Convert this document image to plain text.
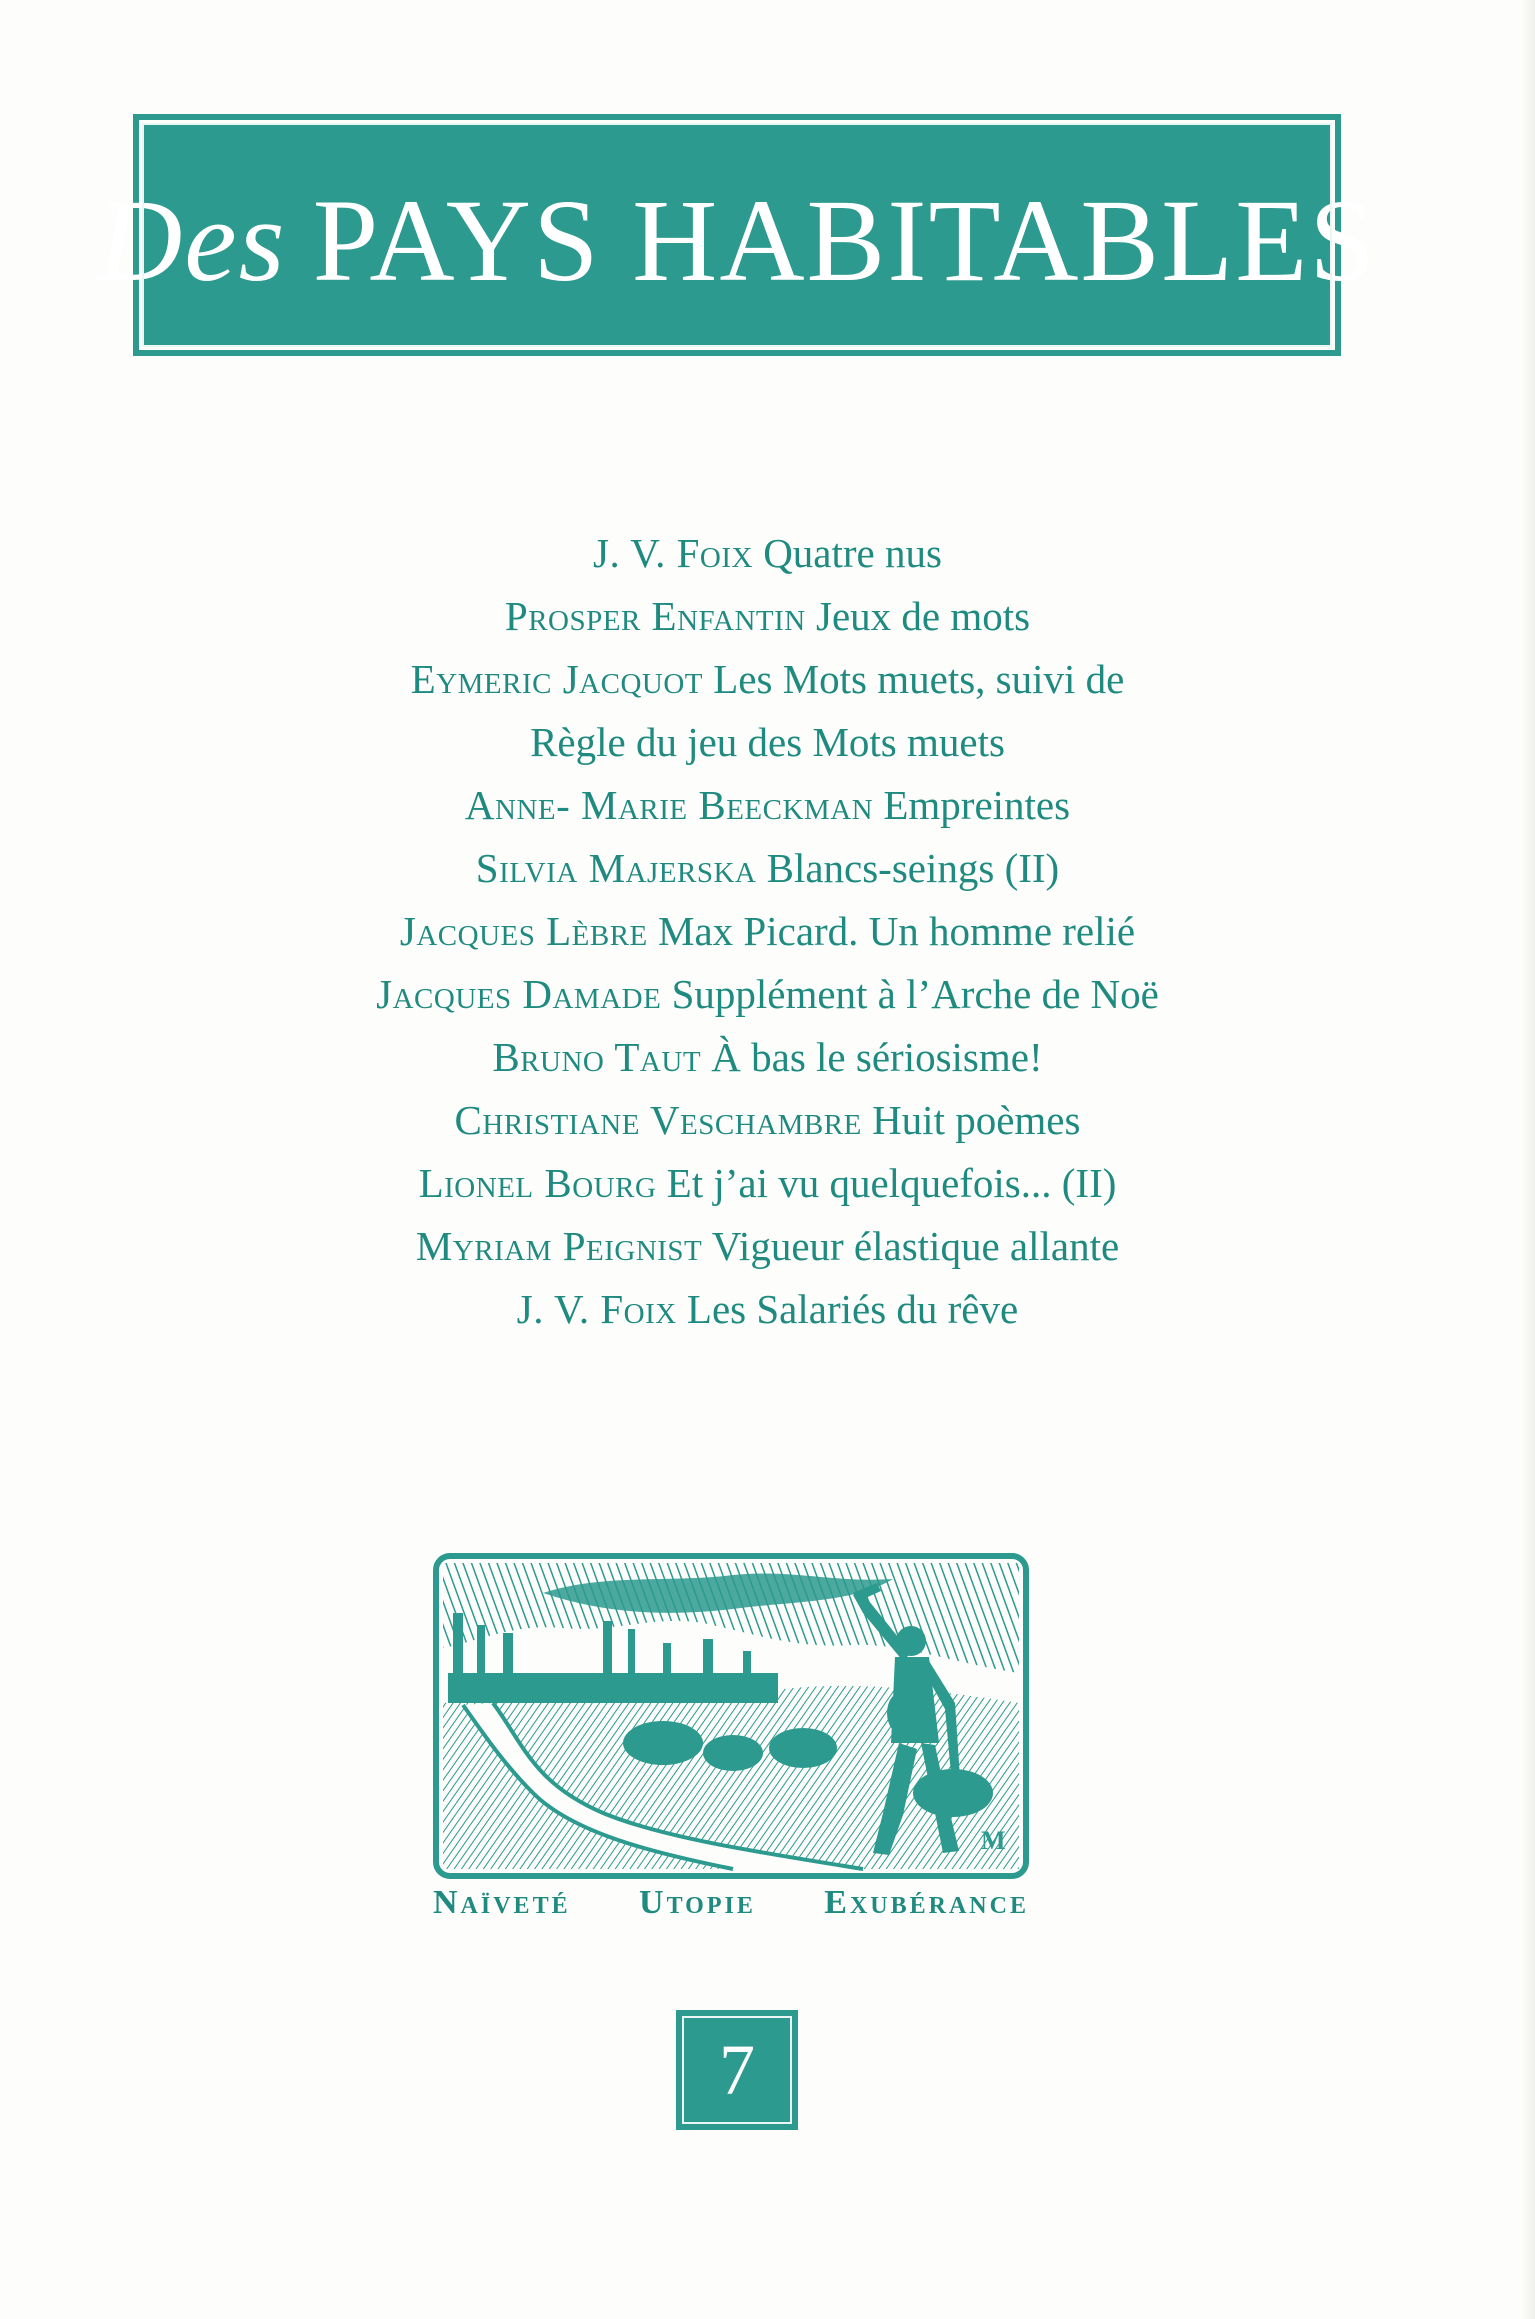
Des PAYS HABITABLES
J. V. Foix Quatre nus
Prosper Enfantin Jeux de mots
Eymeric Jacquot Les Mots muets, suivi de
Règle du jeu des Mots muets
Anne- Marie Beeckman Empreintes
Silvia Majerska Blancs-seings (II)
Jacques Lèbre Max Picard. Un homme relié
Jacques Damade Supplément à l’Arche de Noë
Bruno Taut À bas le sériosisme!
Christiane Veschambre Huit poèmes
Lionel Bourg Et j’ai vu quelquefois... (II)
Myriam Peignist Vigueur élastique allante
J. V. Foix Les Salariés du rêve
M
Naïveté Utopie Exubérance
7
